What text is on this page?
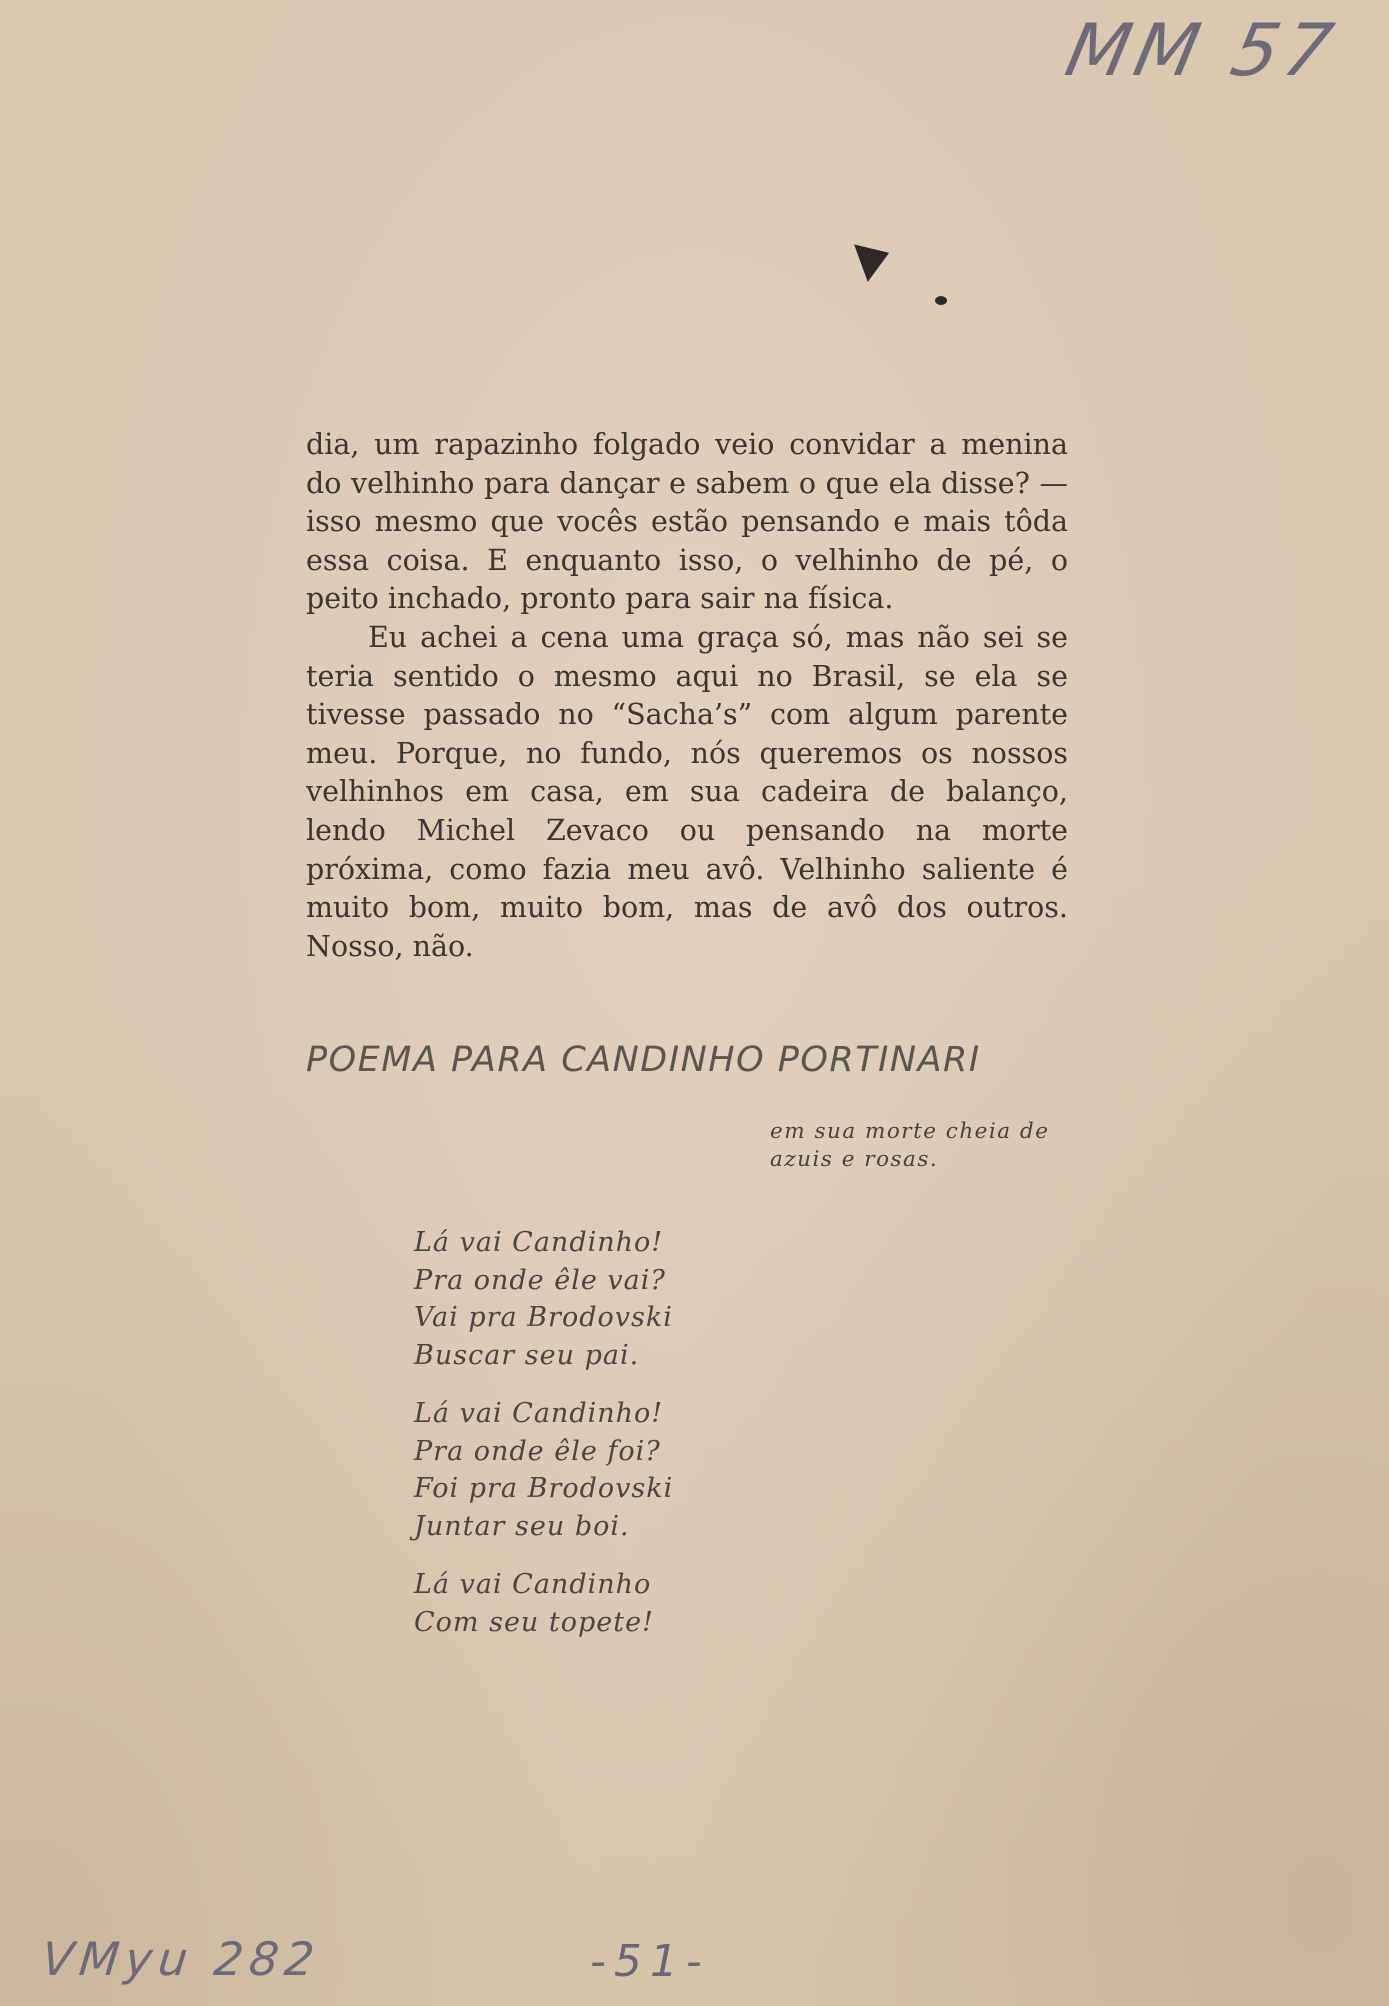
MM 57

dia, um rapazinho folgado veio convidar a menina do velhinho para dançar e sabem o que ela disse? — isso mesmo que vocês estão pensando e mais tôda essa coisa. E enquanto isso, o velhinho de pé, o peito inchado, pronto para sair na física.

Eu achei a cena uma graça só, mas não sei se teria sentido o mesmo aqui no Brasil, se ela se tivesse passado no “Sacha’s” com algum parente meu. Porque, no fundo, nós queremos os nossos velhinhos em casa, em sua cadeira de balanço, lendo Michel Zevaco ou pensando na morte próxima, como fazia meu avô. Velhinho saliente é muito bom, muito bom, mas de avô dos outros. Nosso, não.

POEMA PARA CANDINHO PORTINARI
em sua morte cheia de azuis e rosas.
Lá vai Candinho!
Pra onde êle vai?
Vai pra Brodovski
Buscar seu pai.
Lá vai Candinho!
Pra onde êle foi?
Foi pra Brodovski
Juntar seu boi.
Lá vai Candinho
Com seu topete!
VMyu 282	-51-
